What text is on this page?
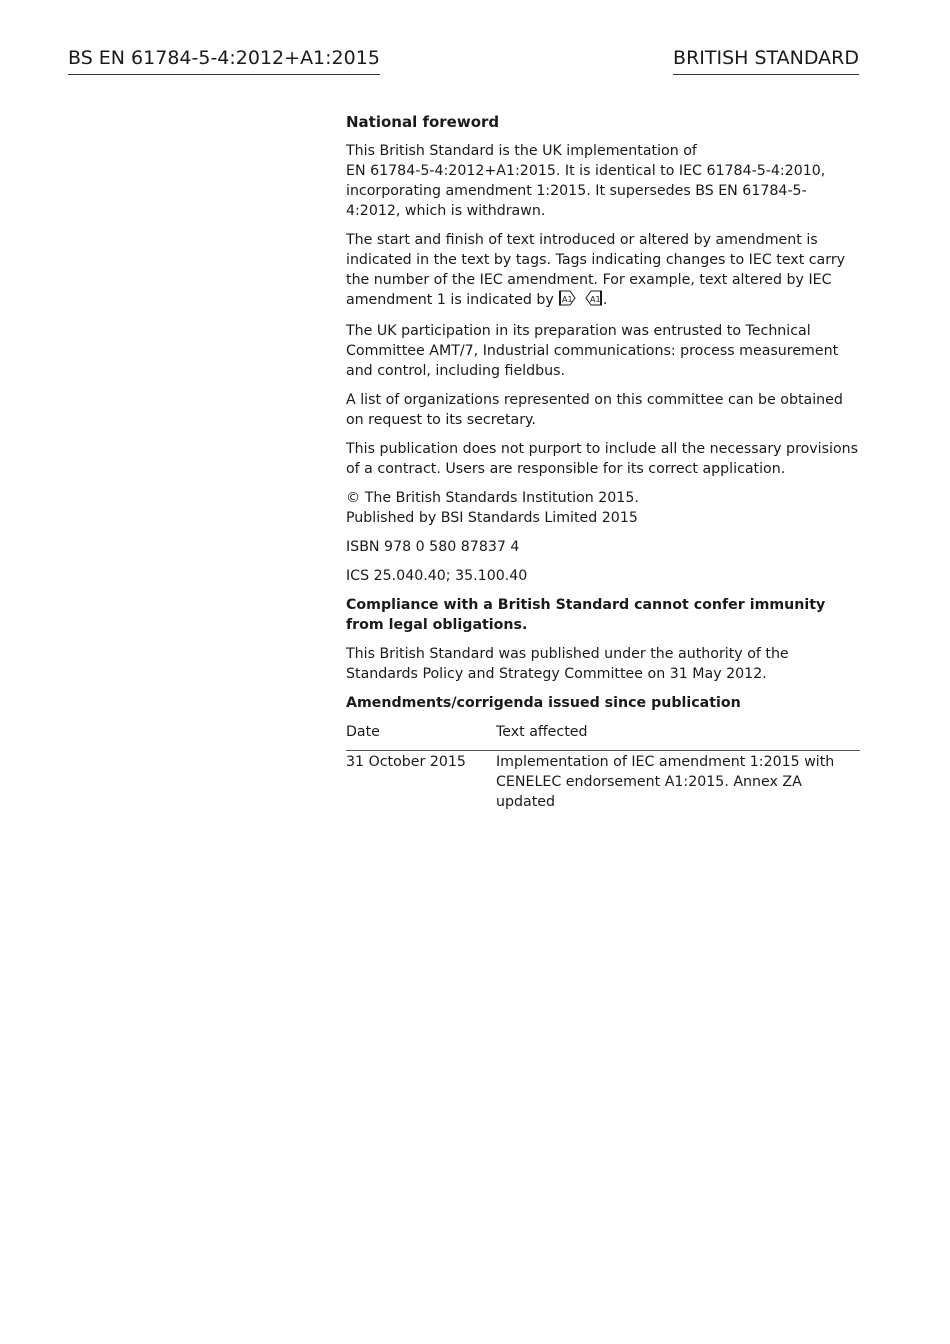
BS EN 61784-5-4:2012+A1:2015	BRITISH STANDARD
National foreword

This British Standard is the UK implementation of
EN 61784-5-4:2012+A1:2015. It is identical to IEC 61784-5-4:2010, incorporating amendment 1:2015. It supersedes BS EN 61784-5-4:2012, which is withdrawn.

The start and finish of text introduced or altered by amendment is indicated in the text by tags. Tags indicating changes to IEC text carry the number of the IEC amendment. For example, text altered by IEC amendment 1 is indicated by A1
A1 .

The UK participation in its preparation was entrusted to Technical Committee AMT/7, Industrial communications: process measurement and control, including fieldbus.

A list of organizations represented on this committee can be obtained on request to its secretary.

This publication does not purport to include all the necessary provisions of a contract. Users are responsible for its correct application.

© The British Standards Institution 2015.
Published by BSI Standards Limited 2015

ISBN 978 0 580 87837 4

ICS 25.040.40; 35.100.40

Compliance with a British Standard cannot confer immunity from legal obligations.

This British Standard was published under the authority of the Standards Policy and Strategy Committee on 31 May 2012.

Amendments/corrigenda issued since publication

Date	Text affected
31 October 2015	Implementation of IEC amendment 1:2015 with CENELEC endorsement A1:2015. Annex ZA updated
